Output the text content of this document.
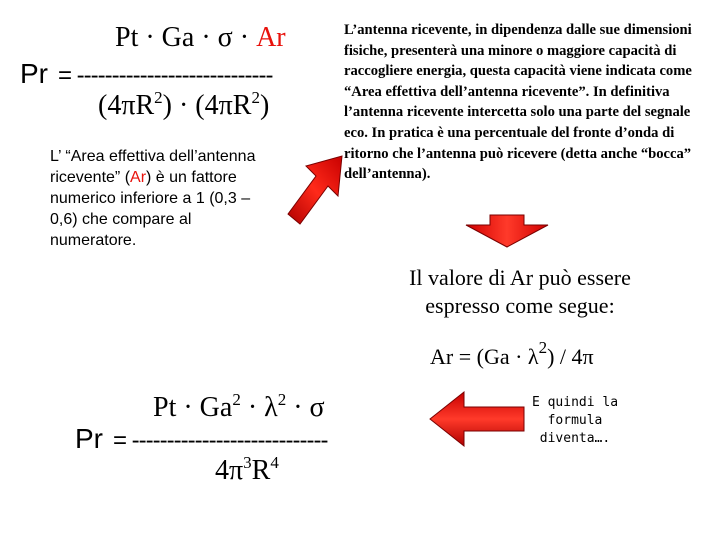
Pt · Ga · σ · Ar
Pr = ----------------------------
$(4\pi R^2) \cdot (4\pi R^2)$
L’ “Area effettiva dell’antenna ricevente” (Ar) è un fattore numerico inferiore a 1 (0,3 – 0,6) che compare al numeratore.
L’antenna ricevente, in dipendenza dalle sue dimensioni fisiche, presenterà una minore o maggiore capacità di raccogliere energia, questa capacità viene indicata come “Area effettiva dell’antenna ricevente”. In definitiva l’antenna ricevente intercetta solo una parte del segnale eco. In pratica è una percentuale del fronte d’onda di ritorno che l’antenna può ricevere (detta anche “bocca” dell’antenna).
Il valore di Ar può essere espresso come segue:
$Ar = (Ga \cdot \lambda^2) / 4\pi$
$Pt \cdot Ga^2 \cdot \lambda^2 \cdot \sigma$
Pr = ----------------------------
$4\pi^3R^4$
E quindi la formula diventa….
